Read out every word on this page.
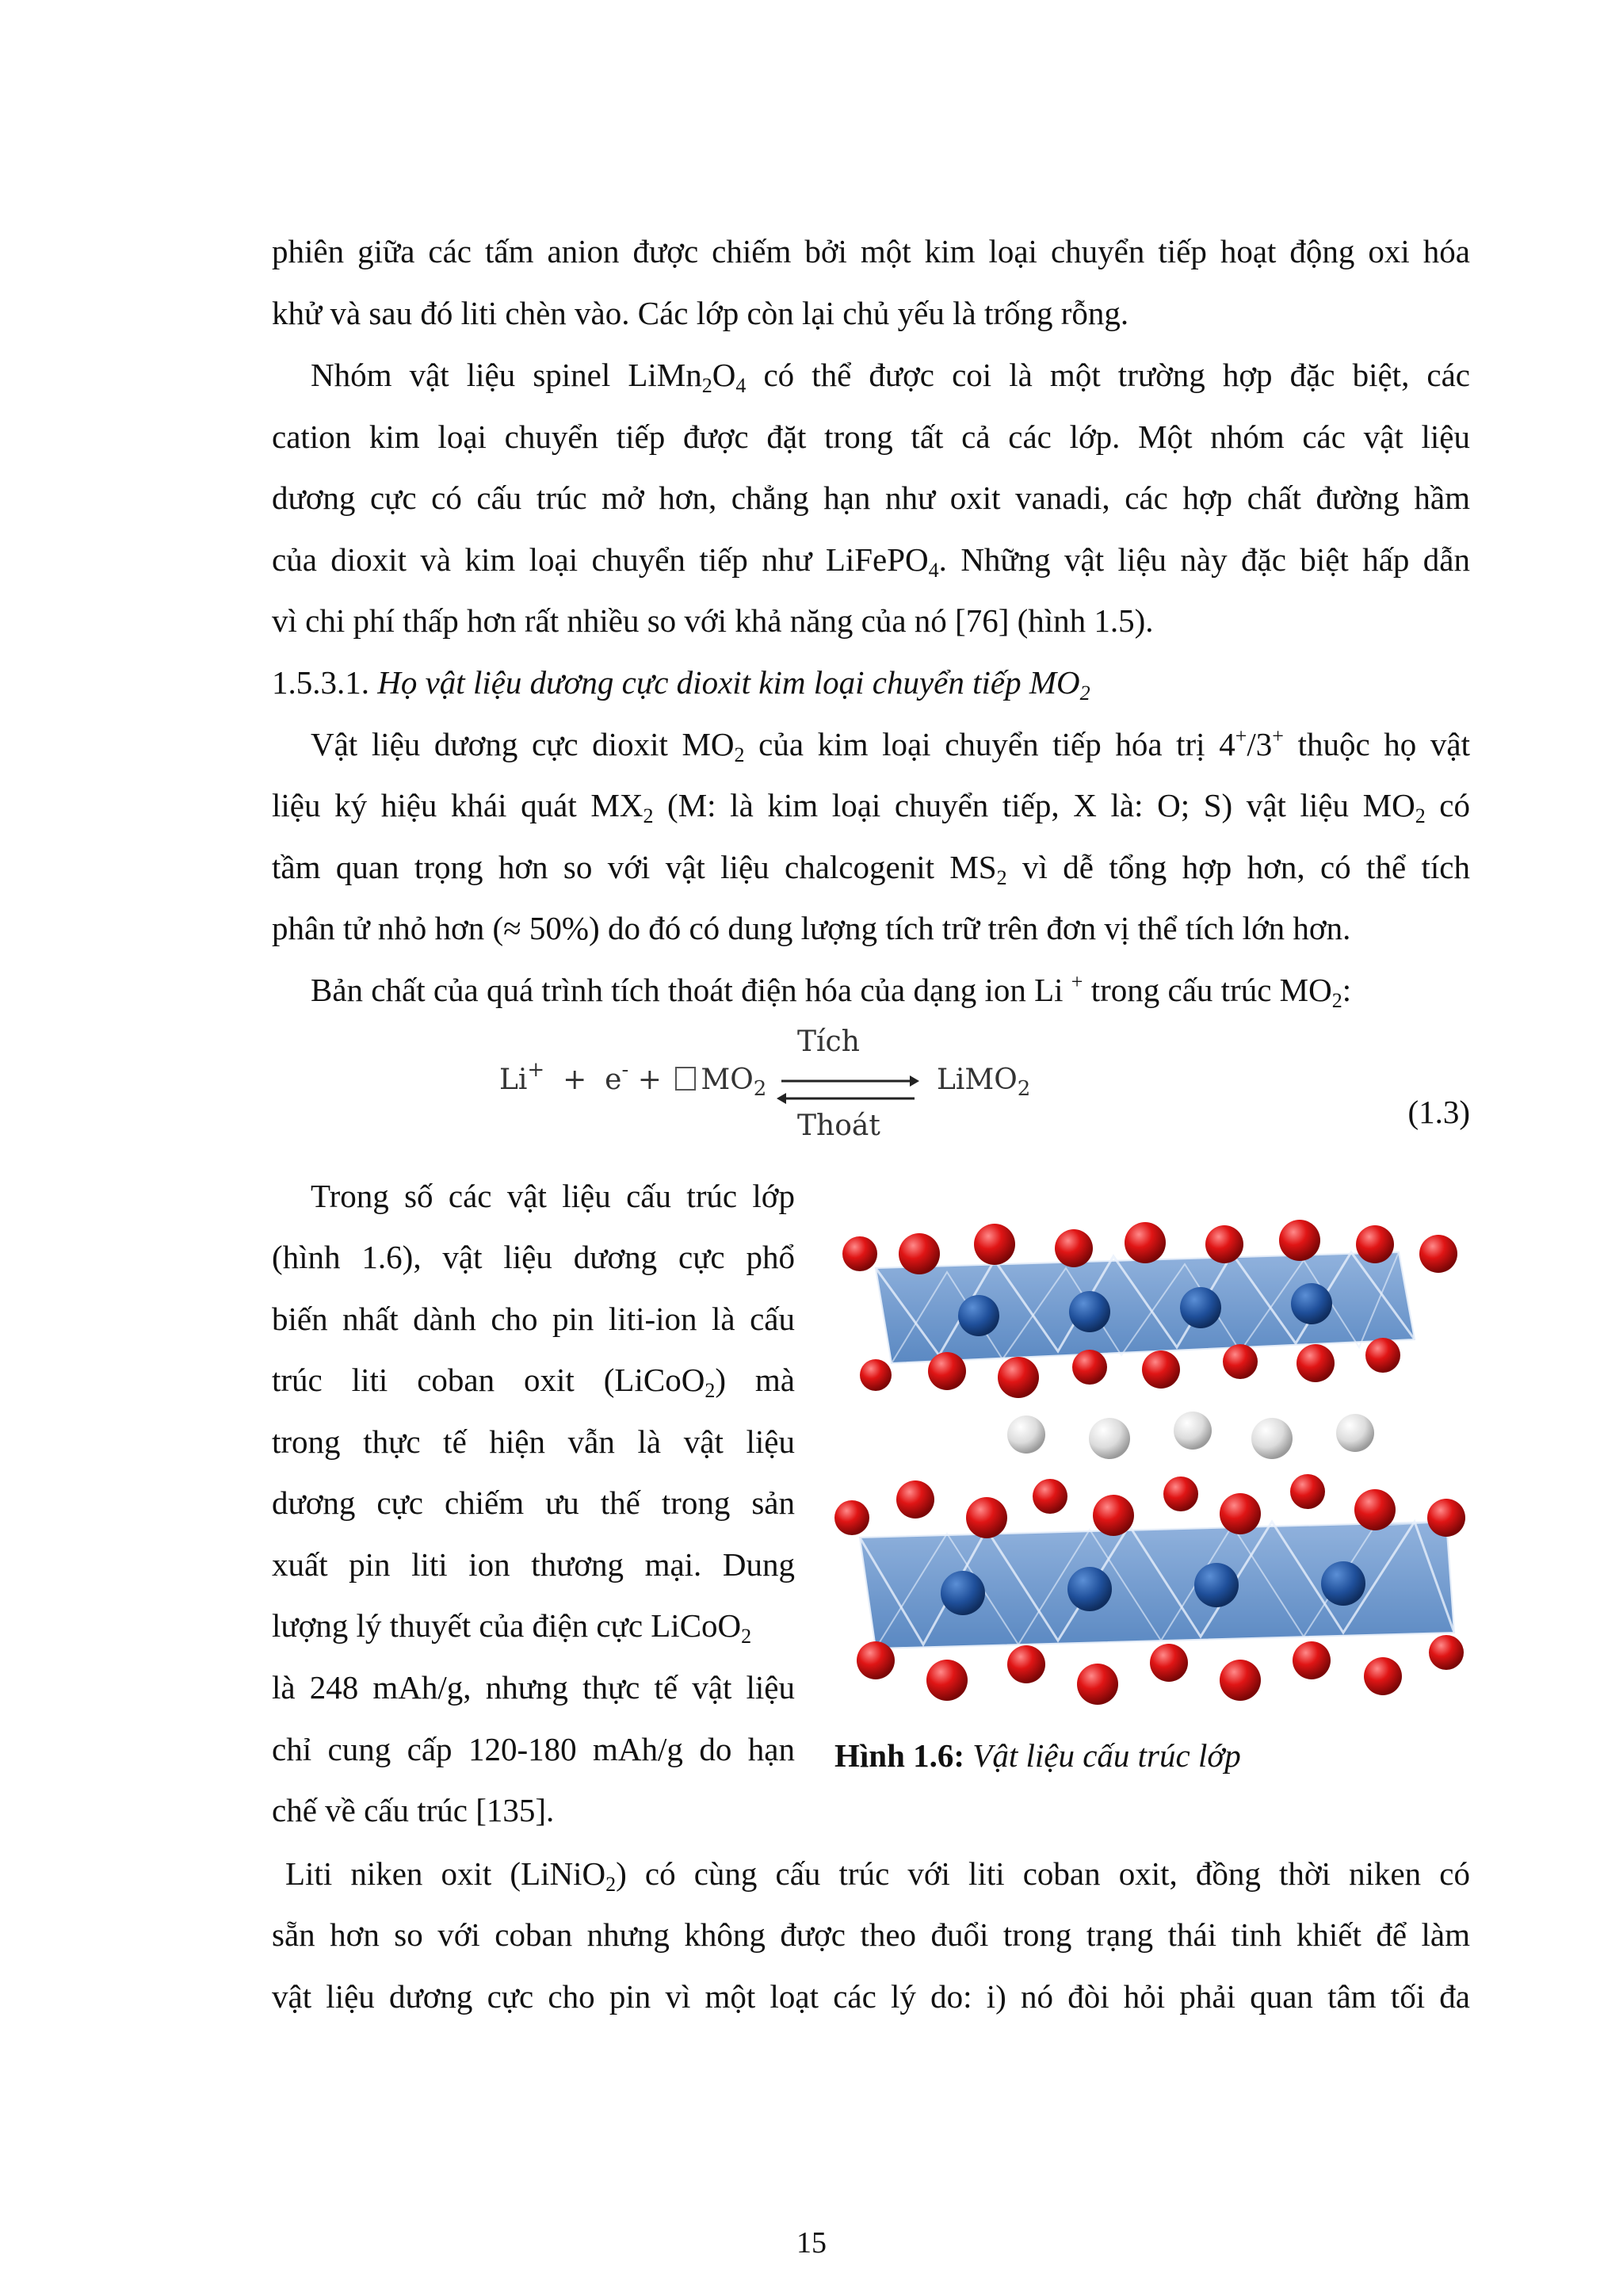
phiên giữa các tấm anion được chiếm bởi một kim loại chuyển tiếp hoạt động oxi hóa
khử và sau đó liti chèn vào. Các lớp còn lại chủ yếu là trống rỗng.
Nhóm vật liệu spinel $LiMn_2O_4$ có thể được coi là một trường hợp đặc biệt, các
cation kim loại chuyển tiếp được đặt trong tất cả các lớp. Một nhóm các vật liệu
dương cực có cấu trúc mở hơn, chẳng hạn như oxit vanadi, các hợp chất đường hầm
của dioxit và kim loại chuyển tiếp như LiFePO$_4$. Những vật liệu này đặc biệt hấp dẫn
vì chi phí thấp hơn rất nhiều so với khả năng của nó [76] (hình 1.5).
1.5.3.1. Họ vật liệu dương cực dioxit kim loại chuyển tiếp $MO_2$
Vật liệu dương cực dioxit $MO_2$ của kim loại chuyển tiếp hóa trị 4+/3+ thuộc họ vật
liệu ký hiệu khái quát $MX_2$ (M: là kim loại chuyển tiếp, X là: O; S) vật liệu $MO_2$ có
tầm quan trọng hơn so với vật liệu chalcogenit $MS_2$ vì dễ tổng hợp hơn, có thể tích
phân tử nhỏ hơn (≈ 50%) do đó có dung lượng tích trữ trên đơn vị thể tích lớn hơn.
Bản chất của quá trình tích thoát điện hóa của dạng ion Li + trong cấu trúc $MO_2$:
$Li^+ + e^- + MO_2$
Tích
Thoát
LiMO$_2$
(1.3)
Trong số các vật liệu cấu trúc lớp
(hình 1.6), vật liệu dương cực phổ
biến nhất dành cho pin liti-ion là cấu
trúc liti coban oxit (LiCoO$_2$) mà
trong thực tế hiện vẫn là vật liệu
dương cực chiếm ưu thế trong sản
xuất pin liti ion thương mại. Dung
lượng lý thuyết của điện cực LiCoO$_2$
là 248 mAh/g, nhưng thực tế vật liệu
chỉ cung cấp 120-180 mAh/g do hạn
chế về cấu trúc [135].
Hình 1.6: Vật liệu cấu trúc lớp
Liti niken oxit (LiNiO$_2$) có cùng cấu trúc với liti coban oxit, đồng thời niken có
sẵn hơn so với coban nhưng không được theo đuổi trong trạng thái tinh khiết để làm
vật liệu dương cực cho pin vì một loạt các lý do: i) nó đòi hỏi phải quan tâm tối đa
15
